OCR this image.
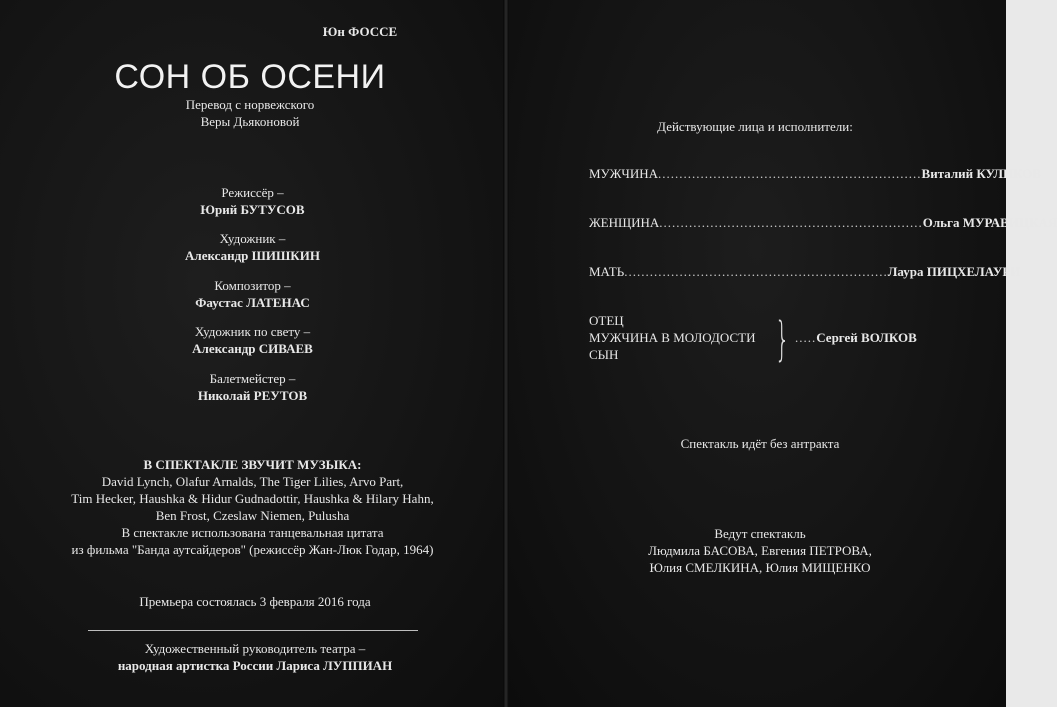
Юн ФОССЕ
СОН ОБ ОСЕНИ
Перевод с норвежского
Веры Дьяконовой
Режиссёр –
Юрий БУТУСОВ
Художник –
Александр ШИШКИН
Композитор –
Фаустас ЛАТЕНАС
Художник по свету –
Александр СИВАЕВ
Балетмейстер –
Николай РЕУТОВ
В СПЕКТАКЛЕ ЗВУЧИТ МУЗЫКА:
David Lynch, Olafur Arnalds, The Tiger Lilies, Arvo Part,
Tim Hecker, Haushka & Hidur Gudnadottir, Haushka & Hilary Hahn,
Ben Frost, Czeslaw Niemen, Pulusha
В спектакле использована танцевальная цитата
из фильма "Банда аутсайдеров" (режиссёр Жан-Люк Годар, 1964)
Премьера состоялась 3 февраля 2016 года
Художественный руководитель театра –
народная артистка России Лариса ЛУППИАН
Действующие лица и исполнители:
МУЖЧИНА .............................................................. Виталий КУЛИКОВ
ЖЕНЩИНА .............................................................. Ольга МУРАВИЦКАЯ
МАТЬ .............................................................. Лаура ПИЦХЕЛАУРИ
ОТЕЦ
МУЖЧИНА В МОЛОДОСТИ
СЫН	} .....Сергей ВОЛКОВ
Спектакль идёт без антракта
Ведут спектакль
Людмила БАСОВА, Евгения ПЕТРОВА,
Юлия СМЕЛКИНА, Юлия МИЩЕНКО
